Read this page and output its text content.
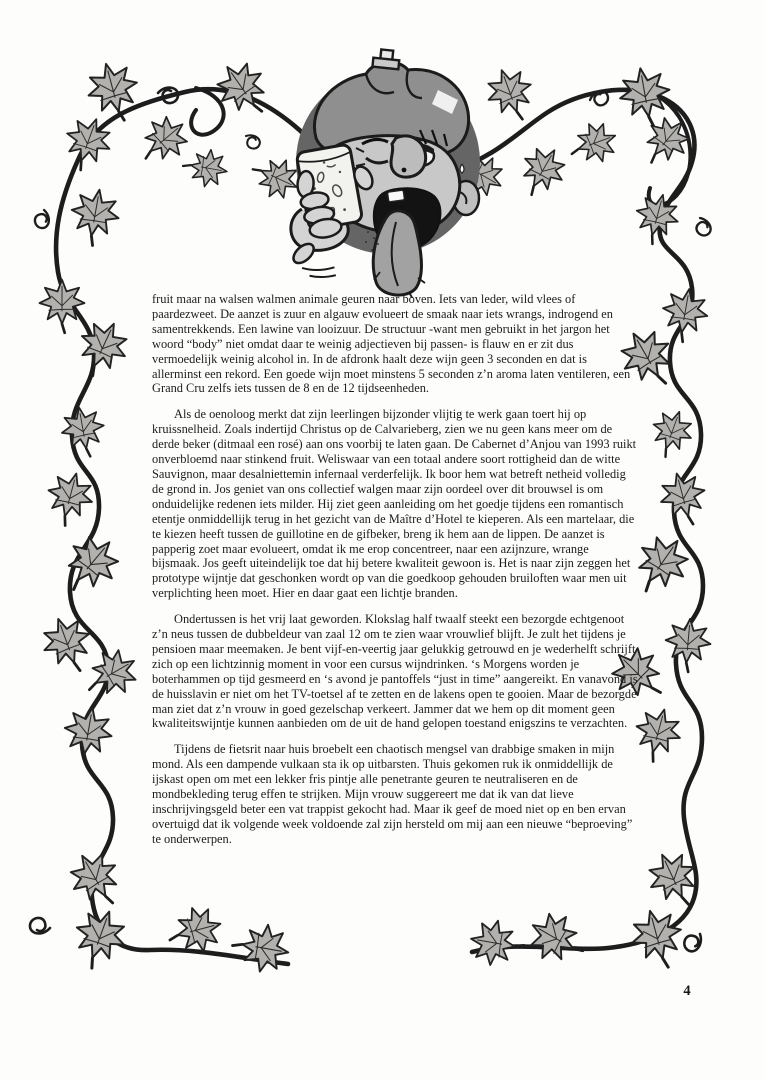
fruit maar na walsen walmen animale geuren naar boven. Iets van leder, wild vlees of paardezweet. De aanzet is zuur en algauw evolueert de smaak naar iets wrangs, indrogend en samentrekkends. Een lawine van looizuur. De structuur -want men gebruikt in het jargon het woord “body” niet omdat daar te weinig adjectieven bij passen- is flauw en er zit dus vermoedelijk weinig alcohol in. In de afdronk haalt deze wijn geen 3 seconden en dat is allerminst een rekord. Een goede wijn moet minstens 5 seconden z’n aroma laten ventileren, een Grand Cru zelfs iets tussen de 8 en de 12 tijdseenheden.

Als de oenoloog merkt dat zijn leerlingen bijzonder vlijtig te werk gaan toert hij op kruissnelheid. Zoals indertijd Christus op de Calvarieberg, zien we nu geen kans meer om de derde beker (ditmaal een rosé) aan ons voorbij te laten gaan. De Cabernet d’Anjou van 1993 ruikt onverbloemd naar stinkend fruit. Weliswaar van een totaal andere soort rottigheid dan de witte Sauvignon, maar desalniettemin infernaal verderfelijk. Ik boor hem wat betreft netheid volledig de grond in. Jos geniet van ons collectief walgen maar zijn oordeel over dit brouwsel is om onduidelijke redenen iets milder. Hij ziet geen aanleiding om het goedje tijdens een romantisch etentje onmiddellijk terug in het gezicht van de Maître d’Hotel te kieperen. Als een martelaar, die te kiezen heeft tussen de guillotine en de gifbeker, breng ik hem aan de lippen. De aanzet is papperig zoet maar evolueert, omdat ik me erop concentreer, naar een azijnzure, wrange bijsmaak. Jos geeft uiteindelijk toe dat hij betere kwaliteit gewoon is. Het is naar zijn zeggen het prototype wijntje dat geschonken wordt op van die goedkoop gehouden bruiloften waar men uit verplichting heen moet. Hier en daar gaat een lichtje branden.

Ondertussen is het vrij laat geworden. Klokslag half twaalf steekt een bezorgde echtgenoot z’n neus tussen de dubbeldeur van zaal 12 om te zien waar vrouwlief blijft. Je zult het tijdens je pensioen maar meemaken. Je bent vijf-en-veertig jaar gelukkig getrouwd en je wederhelft schrijft zich op een lichtzinnig moment in voor een cursus wijndrinken. ‘s Morgens worden je boterhammen op tijd gesmeerd en ‘s avond je pantoffels “just in time” aangereikt. En vanavond is de huisslavin er niet om het TV-toetsel af te zetten en de lakens open te gooien. Maar de bezorgde man ziet dat z’n vrouw in goed gezelschap verkeert. Jammer dat we hem op dit moment geen kwaliteitswijntje kunnen aanbieden om de uit de hand gelopen toestand enigszins te verzachten.

Tijdens de fietsrit naar huis broebelt een chaotisch mengsel van drabbige smaken in mijn mond. Als een dampende vulkaan sta ik op uitbarsten. Thuis gekomen ruk ik onmiddellijk de ijskast open om met een lekker fris pintje alle penetrante geuren te neutraliseren en de mondbekleding terug effen te strijken. Mijn vrouw suggereert me dat ik van dat lieve inschrijvingsgeld beter een vat trappist gekocht had. Maar ik geef de moed niet op en ben ervan overtuigd dat ik volgende week voldoende zal zijn hersteld om mij aan een nieuwe “beproeving” te onderwerpen.

4
